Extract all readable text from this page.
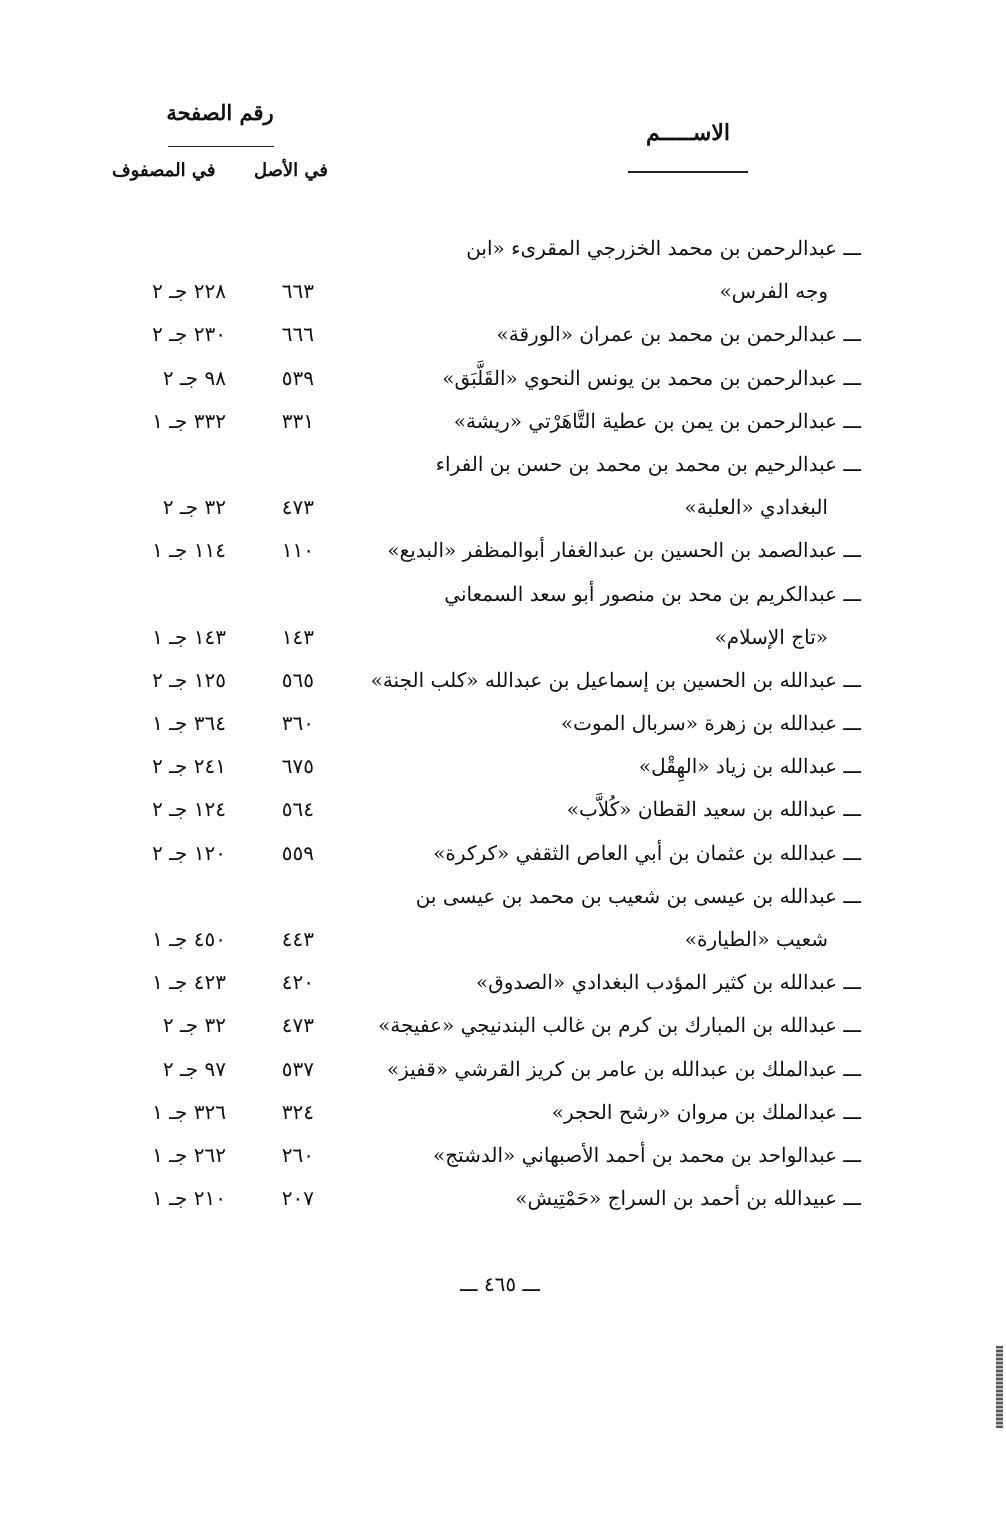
رقم الصفحة
في الأصل
في المصفوف
الاســـــم
ـــ عبدالرحمن بن محمد الخزرجي المقرىء «ابن
وجه الفرس»
٦٦٣
٢٢٨ جـ ٢
ـــ عبدالرحمن بن محمد بن عمران «الورقة»
٦٦٦
٢٣٠ جـ ٢
ـــ عبدالرحمن بن محمد بن يونس النحوي «القَلَّبَق»
٥٣٩
٩٨ جـ ٢
ـــ عبدالرحمن بن يمن بن عطية التَّاهَرْتي «ريشة»
٣٣١
٣٣٢ جـ ١
ـــ عبدالرحيم بن محمد بن محمد بن حسن بن الفراء
البغدادي «العلبة»
٤٧٣
٣٢ جـ ٢
ـــ عبدالصمد بن الحسين بن عبدالغفار أبوالمظفر «البديع»
١١٠
١١٤ جـ ١
ـــ عبدالكريم بن محد بن منصور أبو سعد السمعاني
«تاج الإسلام»
١٤٣
١٤٣ جـ ١
ـــ عبدالله بن الحسين بن إسماعيل بن عبدالله «كلب الجنة»
٥٦٥
١٢٥ جـ ٢
ـــ عبدالله بن زهرة «سربال الموت»
٣٦٠
٣٦٤ جـ ١
ـــ عبدالله بن زياد «الهِقْل»
٦٧٥
٢٤١ جـ ٢
ـــ عبدالله بن سعيد القطان «كُلاَّب»
٥٦٤
١٢٤ جـ ٢
ـــ عبدالله بن عثمان بن أبي العاص الثقفي «كركرة»
٥٥٩
١٢٠ جـ ٢
ـــ عبدالله بن عيسى بن شعيب بن محمد بن عيسى بن
شعيب «الطيارة»
٤٤٣
٤٥٠ جـ ١
ـــ عبدالله بن كثير المؤدب البغدادي «الصدوق»
٤٢٠
٤٢٣ جـ ١
ـــ عبدالله بن المبارك بن كرم بن غالب البندنيجي «عفيجة»
٤٧٣
٣٢ جـ ٢
ـــ عبدالملك بن عبدالله بن عامر بن كريز القرشي «قفيز»
٥٣٧
٩٧ جـ ٢
ـــ عبدالملك بن مروان «رشح الحجر»
٣٢٤
٣٢٦ جـ ١
ـــ عبدالواحد بن محمد بن أحمد الأصبهاني «الدشتج»
٢٦٠
٢٦٢ جـ ١
ـــ عبيدالله بن أحمد بن السراج «حَمْتِيش»
٢٠٧
٢١٠ جـ ١
ـــ ٤٦٥ ـــ
